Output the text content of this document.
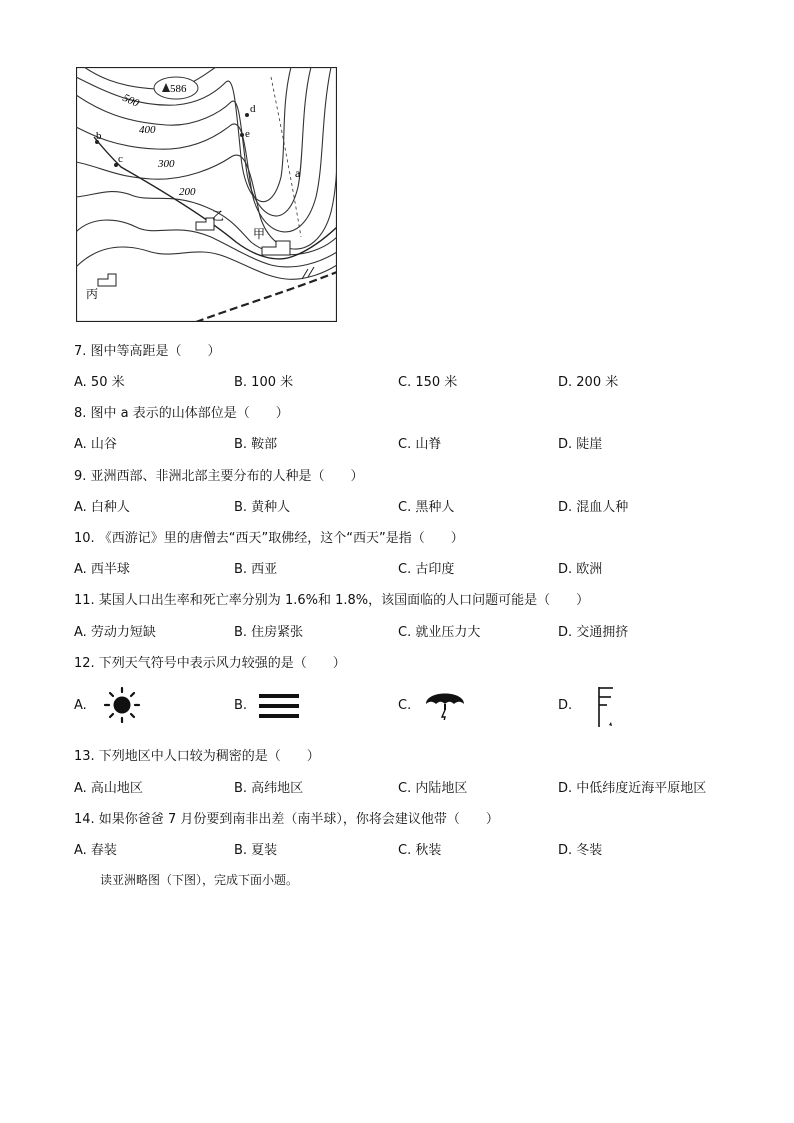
586
500
400
300
200
b
c
d
e
a
乙
甲
丙
7. 图中等高距是（　　）
A. 50 米	B. 100 米	C. 150 米	D. 200 米
8. 图中 a 表示的山体部位是（　　）
A. 山谷	B. 鞍部	C. 山脊	D. 陡崖
9. 亚洲西部、非洲北部主要分布的人种是（　　）
A. 白种人	B. 黄种人	C. 黑种人	D. 混血人种
10. 《西游记》里的唐僧去“西天”取佛经，这个“西天”是指（　　）
A. 西半球	B. 西亚	C. 古印度	D. 欧洲
11. 某国人口出生率和死亡率分别为 1.6%和 1.8%，该国面临的人口问题可能是（　　）
A. 劳动力短缺	B. 住房紧张	C. 就业压力大	D. 交通拥挤
12. 下列天气符号中表示风力较强的是（　　）
A.	B.	C.	D.
13. 下列地区中人口较为稠密的是（　　）
A. 高山地区	B. 高纬地区	C. 内陆地区	D. 中低纬度近海平原地区
14. 如果你爸爸 7 月份要到南非出差（南半球），你将会建议他带（　　）
A. 春装	B. 夏装	C. 秋装	D. 冬装
读亚洲略图（下图），完成下面小题。
